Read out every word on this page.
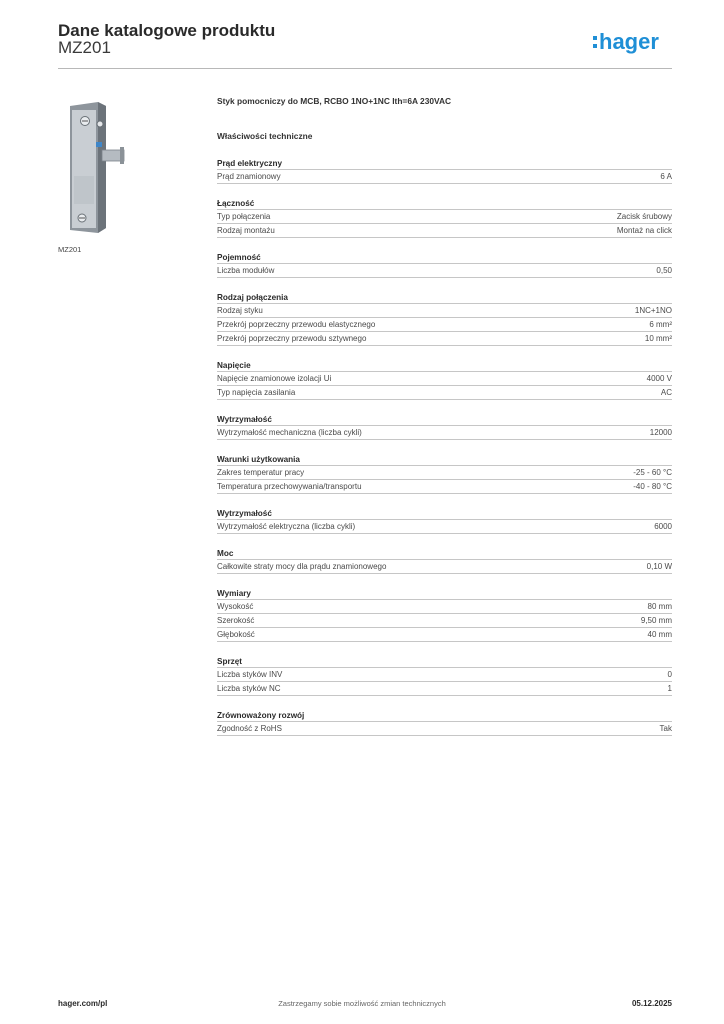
Dane katalogowe produktu
MZ201	hager
MZ201
Styk pomocniczy do MCB, RCBO 1NO+1NC Ith=6A 230VAC
Właściwości techniczne
Prąd elektryczny
Prąd znamionowy	6 A
Łączność
Typ połączenia	Zacisk śrubowy
Rodzaj montażu	Montaż na click
Pojemność
Liczba modułów	0,50
Rodzaj połączenia
Rodzaj styku	1NC+1NO
Przekrój poprzeczny przewodu elastycznego	6 mm²
Przekrój poprzeczny przewodu sztywnego	10 mm²
Napięcie
Napięcie znamionowe izolacji Ui	4000 V
Typ napięcia zasilania	AC
Wytrzymałość
Wytrzymałość mechaniczna (liczba cykli)	12000
Warunki użytkowania
Zakres temperatur pracy	-25 - 60 °C
Temperatura przechowywania/transportu	-40 - 80 °C
Wytrzymałość
Wytrzymałość elektryczna (liczba cykli)	6000
Moc
Całkowite straty mocy dla prądu znamionowego	0,10 W
Wymiary
Wysokość	80 mm
Szerokość	9,50 mm
Głębokość	40 mm
Sprzęt
Liczba styków INV	0
Liczba styków NC	1
Zrównoważony rozwój
Zgodność z RoHS	Tak
hager.com/pl	Zastrzegamy sobie możliwość zmian technicznych	05.12.2025
